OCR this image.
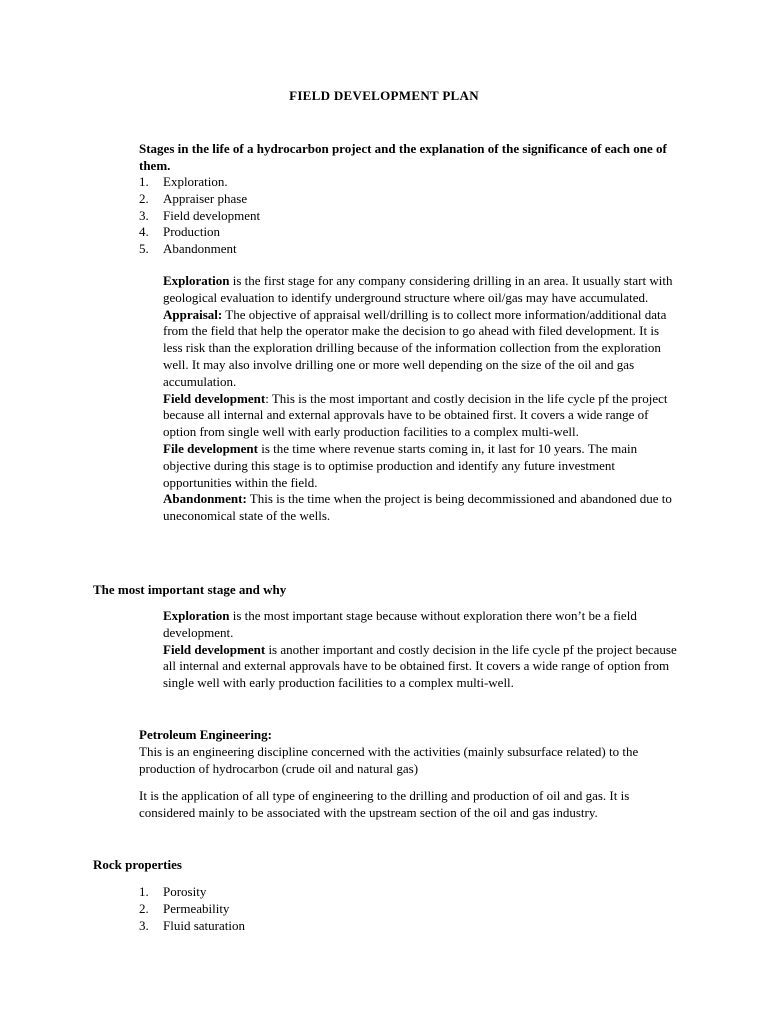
FIELD DEVELOPMENT PLAN
Stages in the life of a hydrocarbon project and the explanation of the significance of each one of them.
1.	Exploration.
2.	Appraiser phase
3.	Field development
4.	Production
5.	Abandonment
Exploration is the first stage for any company considering drilling in an area. It usually start with geological evaluation to identify underground structure where oil/gas may have accumulated.
Appraisal: The objective of appraisal well/drilling is to collect more information/additional data from the field that help the operator make the decision to go ahead with filed development. It is less risk than the exploration drilling because of the information collection from the exploration well. It may also involve drilling one or more well depending on the size of the oil and gas accumulation.
Field development: This is the most important and costly decision in the life cycle pf the project because all internal and external approvals have to be obtained first. It covers a wide range of option from single well with early production facilities to a complex multi-well.
File development is the time where revenue starts coming in, it last for 10 years. The main objective during this stage is to optimise production and identify any future investment opportunities within the field.
Abandonment: This is the time when the project is being decommissioned and abandoned due to uneconomical state of the wells.
The most important stage and why
Exploration is the most important stage because without exploration there won’t be a field development.
Field development is another important and costly decision in the life cycle pf the project because all internal and external approvals have to be obtained first. It covers a wide range of option from single well with early production facilities to a complex multi-well.
Petroleum Engineering:
This is an engineering discipline concerned with the activities (mainly subsurface related) to the production of hydrocarbon (crude oil and natural gas)
It is the application of all type of engineering to the drilling and production of oil and gas. It is considered mainly to be associated with the upstream section of the oil and gas industry.
Rock properties
1.	Porosity
2.	Permeability
3.	Fluid saturation
